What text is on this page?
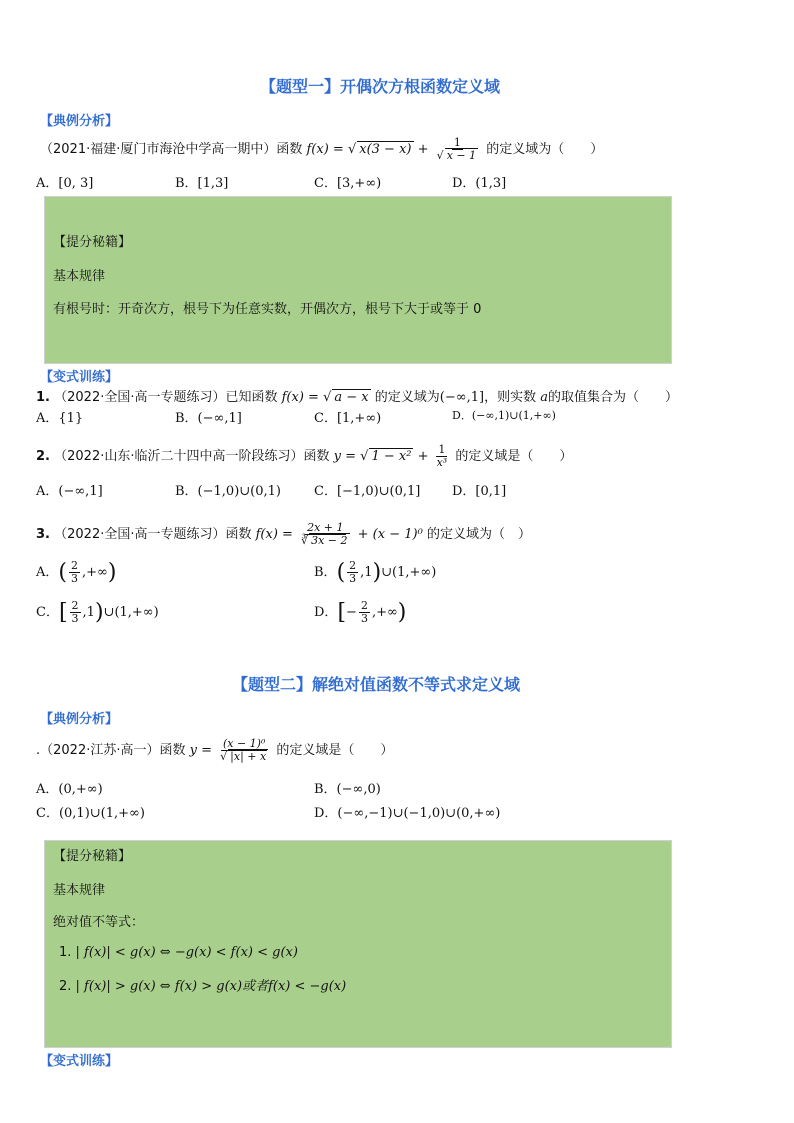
【题型一】开偶次方根函数定义域
【典例分析】
（2021·福建·厦门市海沧中学高一期中）函数 f(x) = √ $x(3 - x) + \frac{1}{√ x - 1}$ 的定义域为（　　）
A．[0, 3]	B．[1,3]	C．[3,+∞)	D．(1,3]
【提分秘籍】
基本规律
有根号时：开奇次方，根号下为任意实数，开偶次方，根号下大于或等于 0
【变式训练】
1. （2022·全国·高一专题练习）已知函数 f(x) = √ a − x 的定义域为(−∞,1]，则实数 a的取值集合为（　　）
A．{1}	B．(−∞,1]	C．[1,+∞)	D．(−∞,1)∪(1,+∞)
2. （2022·山东·临沂二十四中高一阶段练习）函数 y = √ $1 - x^2 + \frac{1}{\text{x³}}$ 的定义域是（　　）
A．(−∞,1]	B．(−1,0)∪(0,1)	C．[−1,0)∪(0,1] D．[0,1]
3. （2022·全国·高一专题练习）函数 $f(x) = \frac{2x + 1}{∛ 3x - 2} + (x - 1)^0$ 的定义域为（　）
A．( $\frac{2}{3}$ ,+∞)	B．( $\frac{2}{3}$ ,1)∪(1,+∞)
C．[ $\frac{2}{3}$ ,1)∪(1,+∞)	D．[− $\frac{2}{3}$ ,+∞)
【题型二】解绝对值函数不等式求定义域
【典例分析】
.（2022·江苏·高一）函数 $y = \frac{\text{(x − 1)⁰}}{√ |x| + x}$ 的定义域是（　　）
A．(0,+∞)	B．(−∞,0)
C．(0,1)∪(1,+∞)	D．(−∞,−1)∪(−1,0)∪(0,+∞)
【提分秘籍】
基本规律
绝对值不等式：
1. | f(x)| < g(x) ⇔ −g(x) < f(x) < g(x)
2. | f(x)| > g(x) ⇔ f(x) > g(x)或者f(x) < −g(x)
【变式训练】
